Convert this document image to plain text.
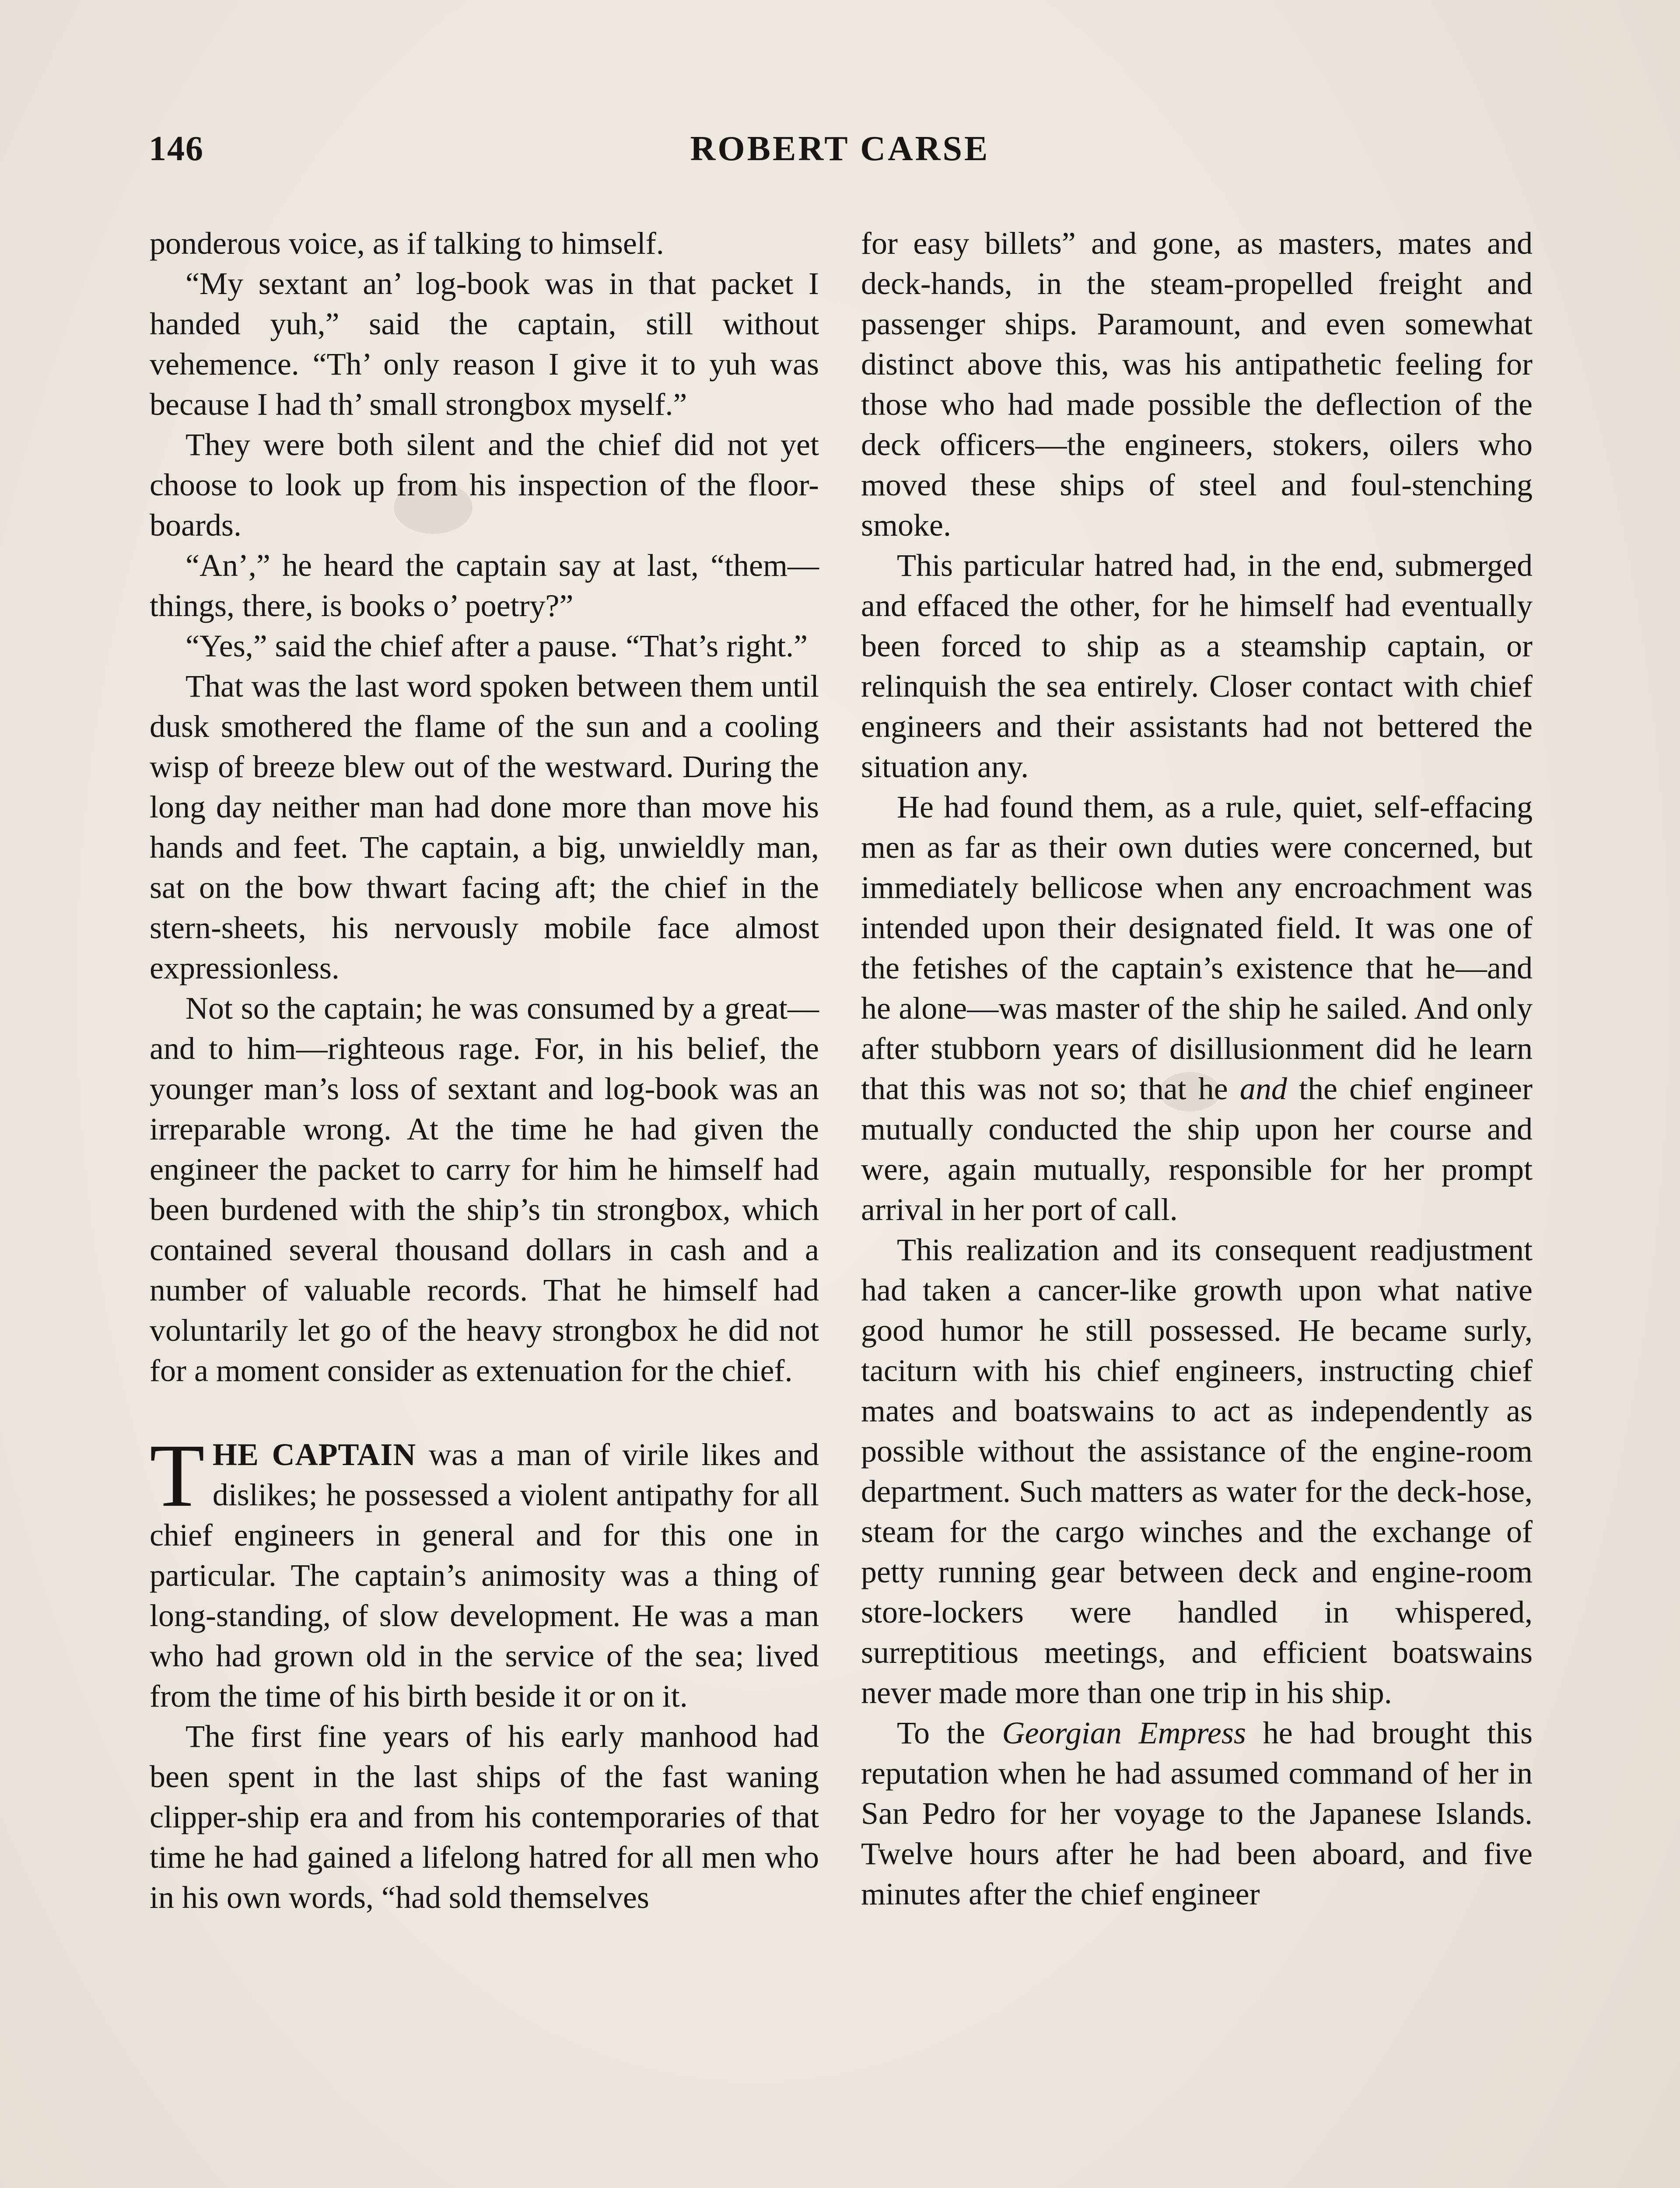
146	ROBERT CARSE

ponderous voice, as if talking to himself.

“My sextant an’ log-book was in that packet I handed yuh,” said the captain, still without vehemence. “Th’ only reason I give it to yuh was because I had th’ small strongbox myself.”

They were both silent and the chief did not yet choose to look up from his inspection of the floor-boards.

“An’,” he heard the captain say at last, “them—things, there, is books o’ poetry?”

“Yes,” said the chief after a pause. “That’s right.”

That was the last word spoken between them until dusk smothered the flame of the sun and a cooling wisp of breeze blew out of the westward. During the long day neither man had done more than move his hands and feet. The captain, a big, unwieldly man, sat on the bow thwart facing aft; the chief in the stern-sheets, his nervously mobile face almost expressionless.

Not so the captain; he was consumed by a great—and to him—righteous rage. For, in his belief, the younger man’s loss of sextant and log-book was an irreparable wrong. At the time he had given the engineer the packet to carry for him he himself had been burdened with the ship’s tin strongbox, which contained several thousand dollars in cash and a number of valuable records. That he himself had voluntarily let go of the heavy strongbox he did not for a moment consider as extenuation for the chief.

THE CAPTAIN was a man of virile likes and dislikes; he possessed a violent antipathy for all chief engineers in general and for this one in particular. The captain’s animosity was a thing of long-standing, of slow development. He was a man who had grown old in the service of the sea; lived from the time of his birth beside it or on it.

The first fine years of his early manhood had been spent in the last ships of the fast waning clipper-ship era and from his contemporaries of that time he had gained a lifelong hatred for all men who in his own words, “had sold themselves

for easy billets” and gone, as masters, mates and deck-hands, in the steam-propelled freight and passenger ships. Paramount, and even somewhat distinct above this, was his antipathetic feeling for those who had made possible the deflection of the deck officers—the engineers, stokers, oilers who moved these ships of steel and foul-stenching smoke.

This particular hatred had, in the end, submerged and effaced the other, for he himself had eventually been forced to ship as a steamship captain, or relinquish the sea entirely. Closer contact with chief engineers and their assistants had not bettered the situation any.

He had found them, as a rule, quiet, self-effacing men as far as their own duties were concerned, but immediately bellicose when any encroachment was intended upon their designated field. It was one of the fetishes of the captain’s existence that he—and he alone—was master of the ship he sailed. And only after stubborn years of disillusionment did he learn that this was not so; that he and the chief engineer mutually conducted the ship upon her course and were, again mutually, responsible for her prompt arrival in her port of call.

This realization and its consequent readjustment had taken a cancer-like growth upon what native good humor he still possessed. He became surly, taciturn with his chief engineers, instructing chief mates and boatswains to act as independently as possible without the assistance of the engine-room department. Such matters as water for the deck-hose, steam for the cargo winches and the exchange of petty running gear between deck and engine-room store-lockers were handled in whispered, surreptitious meetings, and efficient boatswains never made more than one trip in his ship.

To the Georgian Empress he had brought this reputation when he had assumed command of her in San Pedro for her voyage to the Japanese Islands. Twelve hours after he had been aboard, and five minutes after the chief engineer
